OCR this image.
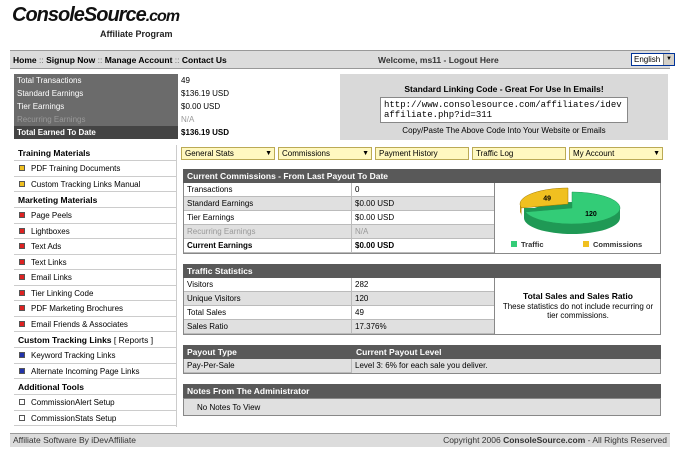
ConsoleSource.com
Affiliate Program
Home :: Signup Now :: Manage Account :: Contact Us	Welcome, ms11 - Logout Here	English ▼
Total Transactions	49
Standard Earnings	$136.19 USD
Tier Earnings	$0.00 USD
Recurring Earnings	N/A
Total Earned To Date	$136.19 USD
Standard Linking Code - Great For Use In Emails!
http://www.consolesource.com/affiliates/idevaffiliate.php?id=311
Copy/Paste The Above Code Into Your Website or Emails
Training Materials
PDF Training Documents
Custom Tracking Links Manual
Marketing Materials
Page Peels
Lightboxes
Text Ads
Text Links
Email Links
Tier Linking Code
PDF Marketing Brochures
Email Friends & Associates
Custom Tracking Links [ Reports ]
Keyword Tracking Links
Alternate Incoming Page Links
Additional Tools
CommissionAlert Setup
CommissionStats Setup
General Stats	▼	Commissions	▼	Payment History	Traffic Log	My Account	▼
Current Commissions - From Last Payout To Date
Transactions	0
Standard Earnings	$0.00 USD
Tier Earnings	$0.00 USD
Recurring Earnings	N/A
Current Earnings	$0.00 USD
49
120
Traffic	Commissions
Traffic Statistics
Visitors	282
Unique Visitors	120
Total Sales	49
Sales Ratio	17.376%
Total Sales and Sales Ratio
These statistics do not include recurring or tier commissions.
Payout Type	Current Payout Level
Pay-Per-Sale	Level 3: 6% for each sale you deliver.
Notes From The Administrator
No Notes To View
Affiliate Software By iDevAffiliate	Copyright 2006 ConsoleSource.com - All Rights Reserved
